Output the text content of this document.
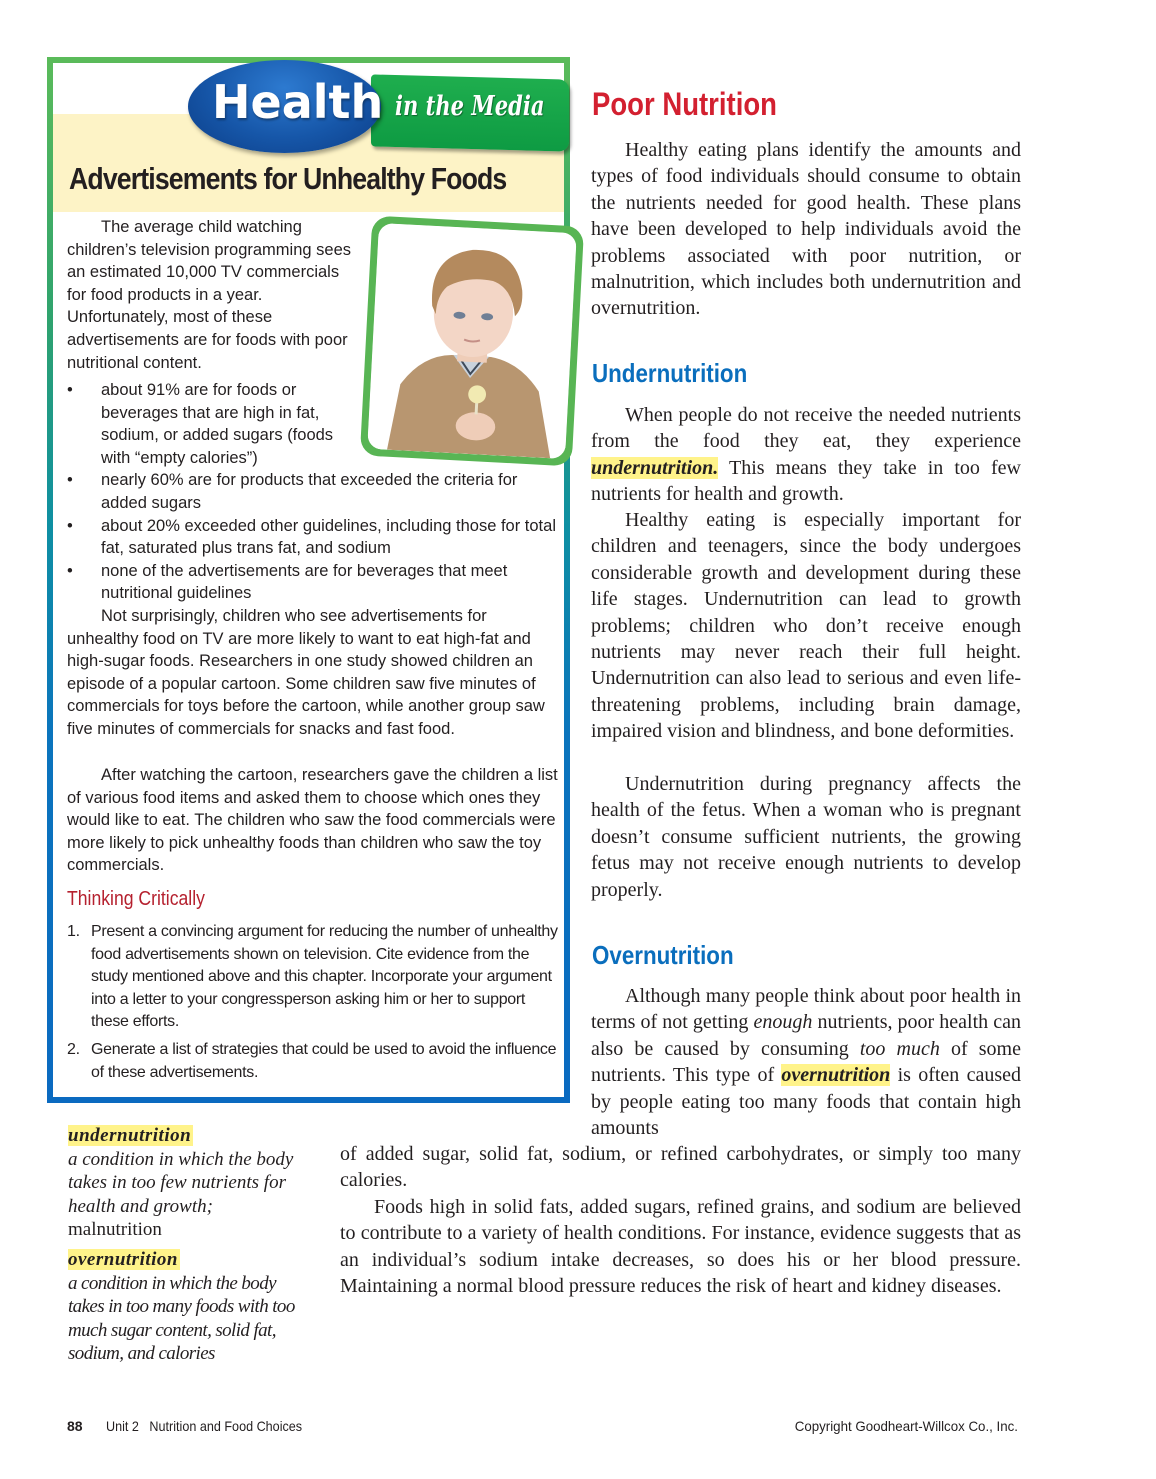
in the Media
Health
Advertisements for Unhealthy Foods

The average child watching children’s television programming sees an estimated 10,000 TV commercials for food products in a year. Unfortunately, most of these advertisements are for foods with poor nutritional content.

• about 91% are for foods or beverages that are high in fat, sodium, or added sugars (foods with “empty calories”)
• nearly 60% are for products that exceeded the criteria for added sugars
• about 20% exceeded other guidelines, including those for total fat, saturated plus trans fat, and sodium
• none of the advertisements are for beverages that meet nutritional guidelines

Not surprisingly, children who see advertisements for unhealthy food on TV are more likely to want to eat high-fat and high-sugar foods. Researchers in one study showed children an episode of a popular cartoon. Some children saw five minutes of commercials for toys before the cartoon, while another group saw five minutes of commercials for snacks and fast food.

After watching the cartoon, researchers gave the children a list of various food items and asked them to choose which ones they would like to eat. The children who saw the food commercials were more likely to pick unhealthy foods than children who saw the toy commercials.

Thinking Critically
1. Present a convincing argument for reducing the number of unhealthy food advertisements shown on television. Cite evidence from the study mentioned above and this chapter. Incorporate your argument into a letter to your congressperson asking him or her to support these efforts.
2. Generate a list of strategies that could be used to avoid the influence of these advertisements.
Poor Nutrition

Healthy eating plans identify the amounts and types of food individuals should consume to obtain the nutrients needed for good health. These plans have been developed to help individuals avoid the problems associated with poor nutrition, or malnutrition, which includes both undernutrition and overnutrition.

Undernutrition

When people do not receive the needed nutrients from the food they eat, they experience undernutrition. This means they take in too few nutrients for health and growth.

Healthy eating is especially important for children and teenagers, since the body undergoes considerable growth and development during these life stages. Undernutrition can lead to growth problems; children who don’t receive enough nutrients may never reach their full height. Undernutrition can also lead to serious and even life-threatening problems, including brain damage, impaired vision and blindness, and bone deformities.

Undernutrition during pregnancy affects the health of the fetus. When a woman who is pregnant doesn’t consume sufficient nutrients, the growing fetus may not receive enough nutrients to develop properly.

Overnutrition

Although many people think about poor health in terms of not getting enough nutrients, poor health can also be caused by consuming too much of some nutrients. This type of overnutrition is often caused by people eating too many foods that contain high amounts

of added sugar, solid fat, sodium, or refined carbohydrates, or simply too many calories.

Foods high in solid fats, added sugars, refined grains, and sodium are believed to contribute to a variety of health conditions. For instance, evidence suggests that as an individual’s sodium intake decreases, so does his or her blood pressure. Maintaining a normal blood pressure reduces the risk of heart and kidney diseases.

undernutrition
a condition in which the body takes in too few nutrients for health and growth; malnutrition
overnutrition
a condition in which the body takes in too many foods with too much sugar content, solid fat, sodium, and calories
88 Unit 2   Nutrition and Food Choices	Copyright Goodheart-Willcox Co., Inc.
